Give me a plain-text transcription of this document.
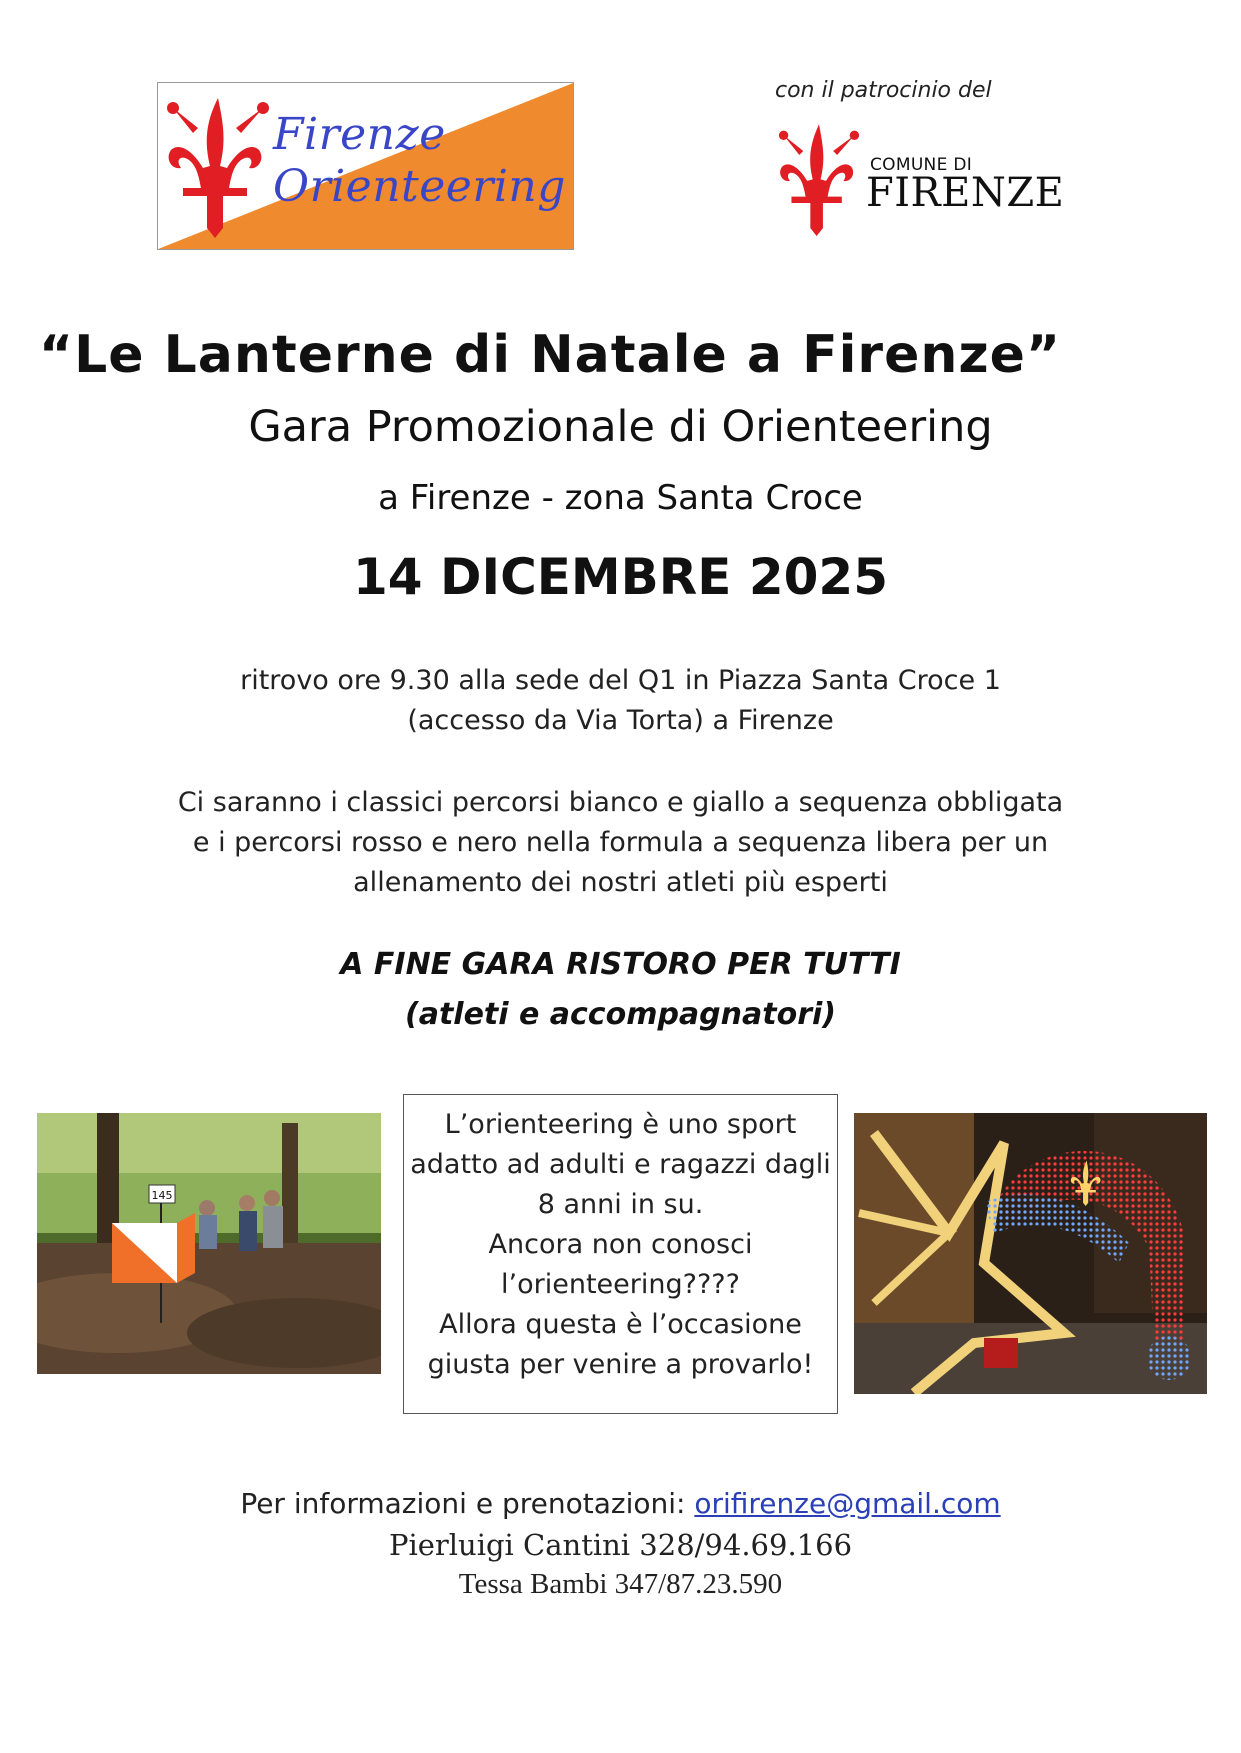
Firenze
Orienteering
con il patrocinio del
COMUNE DI
FIRENZE
“Le Lanterne di Natale a Firenze”
Gara Promozionale di Orienteering
a Firenze - zona Santa Croce
14 DICEMBRE 2025
ritrovo ore 9.30 alla sede del Q1 in Piazza Santa Croce 1
(accesso da Via Torta) a Firenze
Ci saranno i classici percorsi bianco e giallo a sequenza obbligata
e i percorsi rosso e nero nella formula a sequenza libera per un
allenamento dei nostri atleti più esperti
A FINE GARA RISTORO PER TUTTI
(atleti e accompagnatori)
145
L’orienteering è uno sport
adatto ad adulti e ragazzi dagli
8 anni in su.
Ancora non conosci
l’orienteering????
Allora questa è l’occasione
giusta per venire a provarlo!
Per informazioni e prenotazioni: orifirenze@gmail.com
Pierluigi Cantini 328/94.69.166
Tessa Bambi 347/87.23.590
